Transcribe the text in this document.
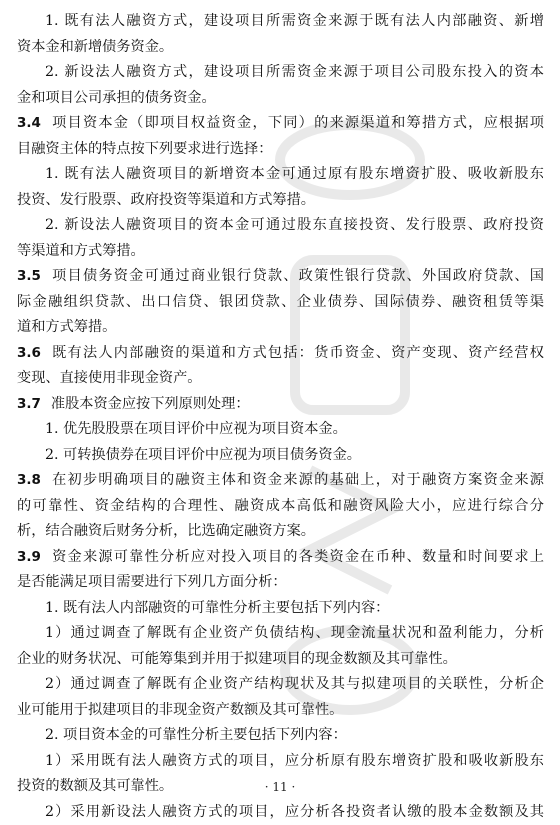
1. 既有法人融资方式，建设项目所需资金来源于既有法人内部融资、新增
资本金和新增债务资金。
2. 新设法人融资方式，建设项目所需资金来源于项目公司股东投入的资本
金和项目公司承担的债务资金。
3.4 项目资本金（即项目权益资金，下同）的来源渠道和筹措方式，应根据项
目融资主体的特点按下列要求进行选择：
1. 既有法人融资项目的新增资本金可通过原有股东增资扩股、吸收新股东
投资、发行股票、政府投资等渠道和方式筹措。
2. 新设法人融资项目的资本金可通过股东直接投资、发行股票、政府投资
等渠道和方式筹措。
3.5 项目债务资金可通过商业银行贷款、政策性银行贷款、外国政府贷款、国
际金融组织贷款、出口信贷、银团贷款、企业债券、国际债券、融资租赁等渠
道和方式筹措。
3.6 既有法人内部融资的渠道和方式包括：货币资金、资产变现、资产经营权
变现、直接使用非现金资产。
3.7 准股本资金应按下列原则处理：
1. 优先股股票在项目评价中应视为项目资本金。
2. 可转换债券在项目评价中应视为项目债务资金。
3.8 在初步明确项目的融资主体和资金来源的基础上，对于融资方案资金来源
的可靠性、资金结构的合理性、融资成本高低和融资风险大小，应进行综合分
析，结合融资后财务分析，比选确定融资方案。
3.9 资金来源可靠性分析应对投入项目的各类资金在币种、数量和时间要求上
是否能满足项目需要进行下列几方面分析：
1. 既有法人内部融资的可靠性分析主要包括下列内容：
1）通过调查了解既有企业资产负债结构、现金流量状况和盈利能力，分析
企业的财务状况、可能筹集到并用于拟建项目的现金数额及其可靠性。
2）通过调查了解既有企业资产结构现状及其与拟建项目的关联性，分析企
业可能用于拟建项目的非现金资产数额及其可靠性。
2. 项目资本金的可靠性分析主要包括下列内容：
1）采用既有法人融资方式的项目，应分析原有股东增资扩股和吸收新股东
投资的数额及其可靠性。
2）采用新设法人融资方式的项目，应分析各投资者认缴的股本金数额及其
· 11 ·
